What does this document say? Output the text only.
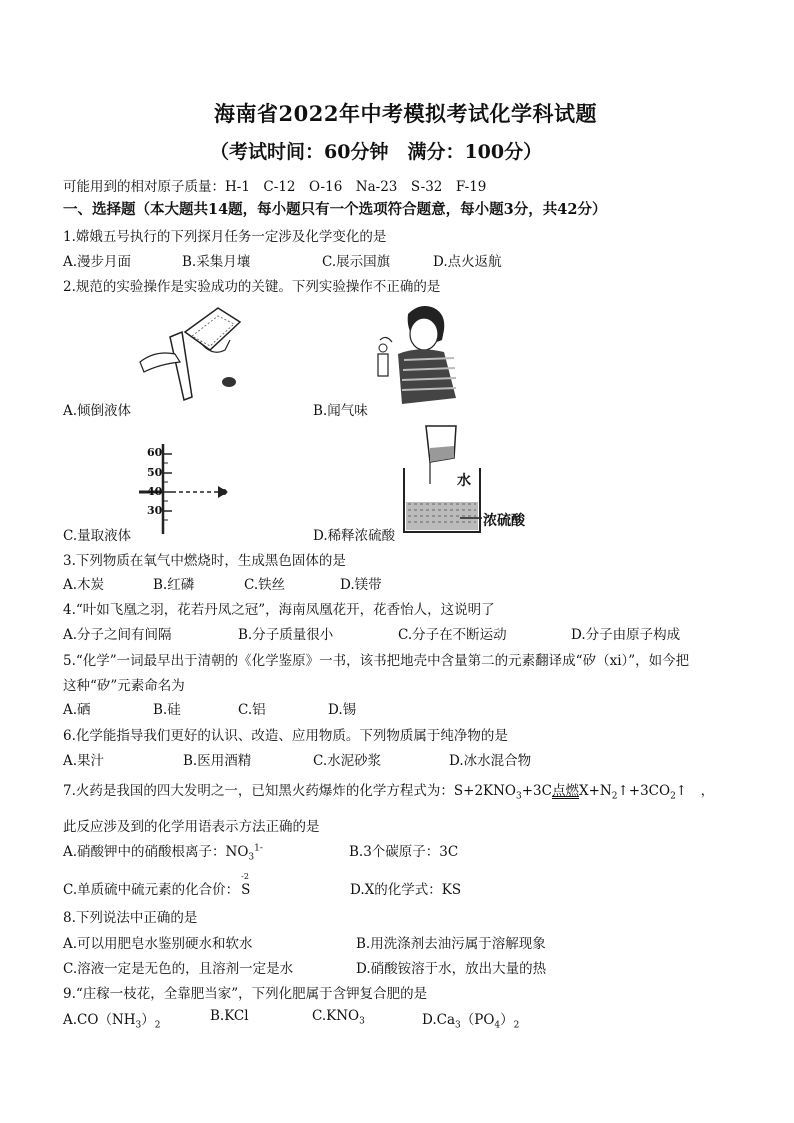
海南省2022年中考模拟考试化学科试题
（考试时间：60分钟　满分：100分）
可能用到的相对原子质量：H-1　C-12　O-16　Na-23　S-32　F-19
一、选择题（本大题共14题，每小题只有一个选项符合题意，每小题3分，共42分）
1.嫦娥五号执行的下列探月任务一定涉及化学变化的是
A.漫步月面	B.采集月壤	C.展示国旗	D.点火返航
2.规范的实验操作是实验成功的关键。下列实验操作不正确的是
A.倾倒液体	B.闻气味
60
50
40
30
C.量取液体
水
浓硫酸
D.稀释浓硫酸
3.下列物质在氧气中燃烧时，生成黑色固体的是
A.木炭	B.红磷	C.铁丝	D.镁带
4.“叶如飞凰之羽，花若丹凤之冠”，海南凤凰花开，花香怡人，这说明了
A.分子之间有间隔	B.分子质量很小	C.分子在不断运动	D.分子由原子构成
5.“化学”一词最早出于清朝的《化学鉴原》一书，该书把地壳中含量第二的元素翻译成“矽（xi）”，如今把
这种“矽”元素命名为
A.硒	B.硅	C.铝	D.锡
6.化学能指导我们更好的认识、改造、应用物质。下列物质属于纯净物的是
A.果汁	B.医用酒精	C.水泥砂浆	D.冰水混合物
7.火药是我国的四大发明之一，已知黑火药爆炸的化学方程式为：$S+2KNO_3+3C$点燃$X+N_2↑+3CO_2↑$　，
此反应涉及到的化学用语表示方法正确的是
A.硝酸钾中的硝酸根离子：$NO_3^{1-}$	B.3个碳原子：3C
C.单质硫中硫元素的化合价：
-2
S	D.X的化学式：KS
8.下列说法中正确的是
A.可以用肥皂水鉴别硬水和软水	B.用洗涤剂去油污属于溶解现象
C.溶液一定是无色的，且溶剂一定是水	D.硝酸铵溶于水，放出大量的热
9.“庄稼一枝花，全靠肥当家”，下列化肥属于含钾复合肥的是
$A.CO(NH_3)_2$
B.KCl	$C.KNO_3$	$D.Ca_3(PO_4)_2$
